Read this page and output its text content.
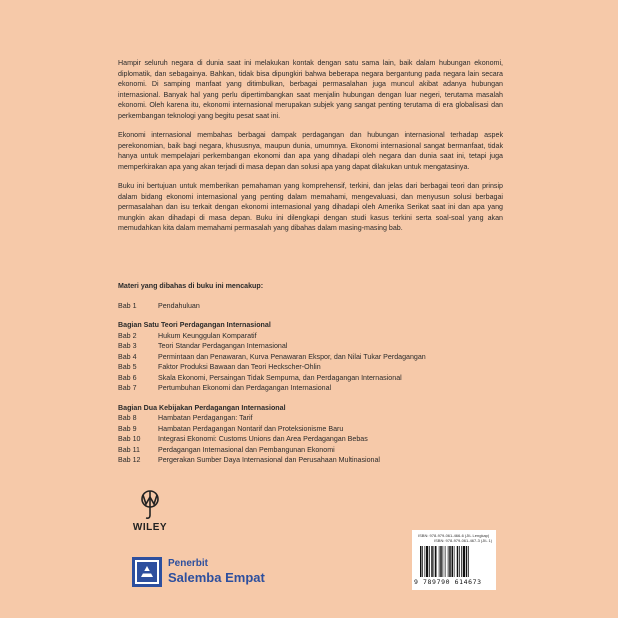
Hampir seluruh negara di dunia saat ini melakukan kontak dengan satu sama lain, baik dalam hubungan ekonomi, diplomatik, dan sebagainya. Bahkan, tidak bisa dipungkiri bahwa beberapa negara bergantung pada negara lain secara ekonomi. Di samping manfaat yang ditimbulkan, berbagai permasalahan juga muncul akibat adanya hubungan internasional. Banyak hal yang perlu dipertimbangkan saat menjalin hubungan dengan luar negeri, terutama masalah ekonomi. Oleh karena itu, ekonomi internasional merupakan subjek yang sangat penting terutama di era globalisasi dan perkembangan teknologi yang begitu pesat saat ini.

Ekonomi internasional membahas berbagai dampak perdagangan dan hubungan internasional terhadap aspek perekonomian, baik bagi negara, khususnya, maupun dunia, umumnya. Ekonomi internasional sangat bermanfaat, tidak hanya untuk mempelajari perkembangan ekonomi dan apa yang dihadapi oleh negara dan dunia saat ini, tetapi juga memperkirakan apa yang akan terjadi di masa depan dan solusi apa yang dapat dilakukan untuk mengatasinya.

Buku ini bertujuan untuk memberikan pemahaman yang komprehensif, terkini, dan jelas dari berbagai teori dan prinsip dalam bidang ekonomi internasional yang penting dalam memahami, mengevaluasi, dan menyusun solusi berbagai permasalahan dan isu terkait dengan ekonomi internasional yang dihadapi oleh Amerika Serikat saat ini dan apa yang mungkin akan dihadapi di masa depan. Buku ini dilengkapi dengan studi kasus terkini serta soal-soal yang akan memudahkan kita dalam memahami permasalah yang dibahas dalam masing-masing bab.

Materi yang dibahas di buku ini mencakup:
Bab 1	Pendahuluan
Bagian Satu Teori Perdagangan Internasional
Bab 2	Hukum Keunggulan Komparatif
Bab 3	Teori Standar Perdagangan Internasional
Bab 4	Permintaan dan Penawaran, Kurva Penawaran Ekspor, dan Nilai Tukar Perdagangan
Bab 5	Faktor Produksi Bawaan dan Teori Heckscher-Ohlin
Bab 6	Skala Ekonomi, Persaingan Tidak Sempurna, dan Perdagangan Internasional
Bab 7	Pertumbuhan Ekonomi dan Perdagangan Internasional
Bagian Dua Kebijakan Perdagangan Internasional
Bab 8	Hambatan Perdagangan: Tarif
Bab 9	Hambatan Perdagangan Nontarif dan Proteksionisme Baru
Bab 10	Integrasi Ekonomi: Customs Unions dan Area Perdagangan Bebas
Bab 11	Perdagangan Internasional dan Pembangunan Ekonomi
Bab 12	Pergerakan Sumber Daya Internasional dan Perusahaan Multinasional
WILEY
Penerbit
Salemba Empat
ISBN: 978-979-061-466-6 (JIL Lengkap)
ISBN: 978-979-061-467-3 (JIL 1)
9 789790 614673
